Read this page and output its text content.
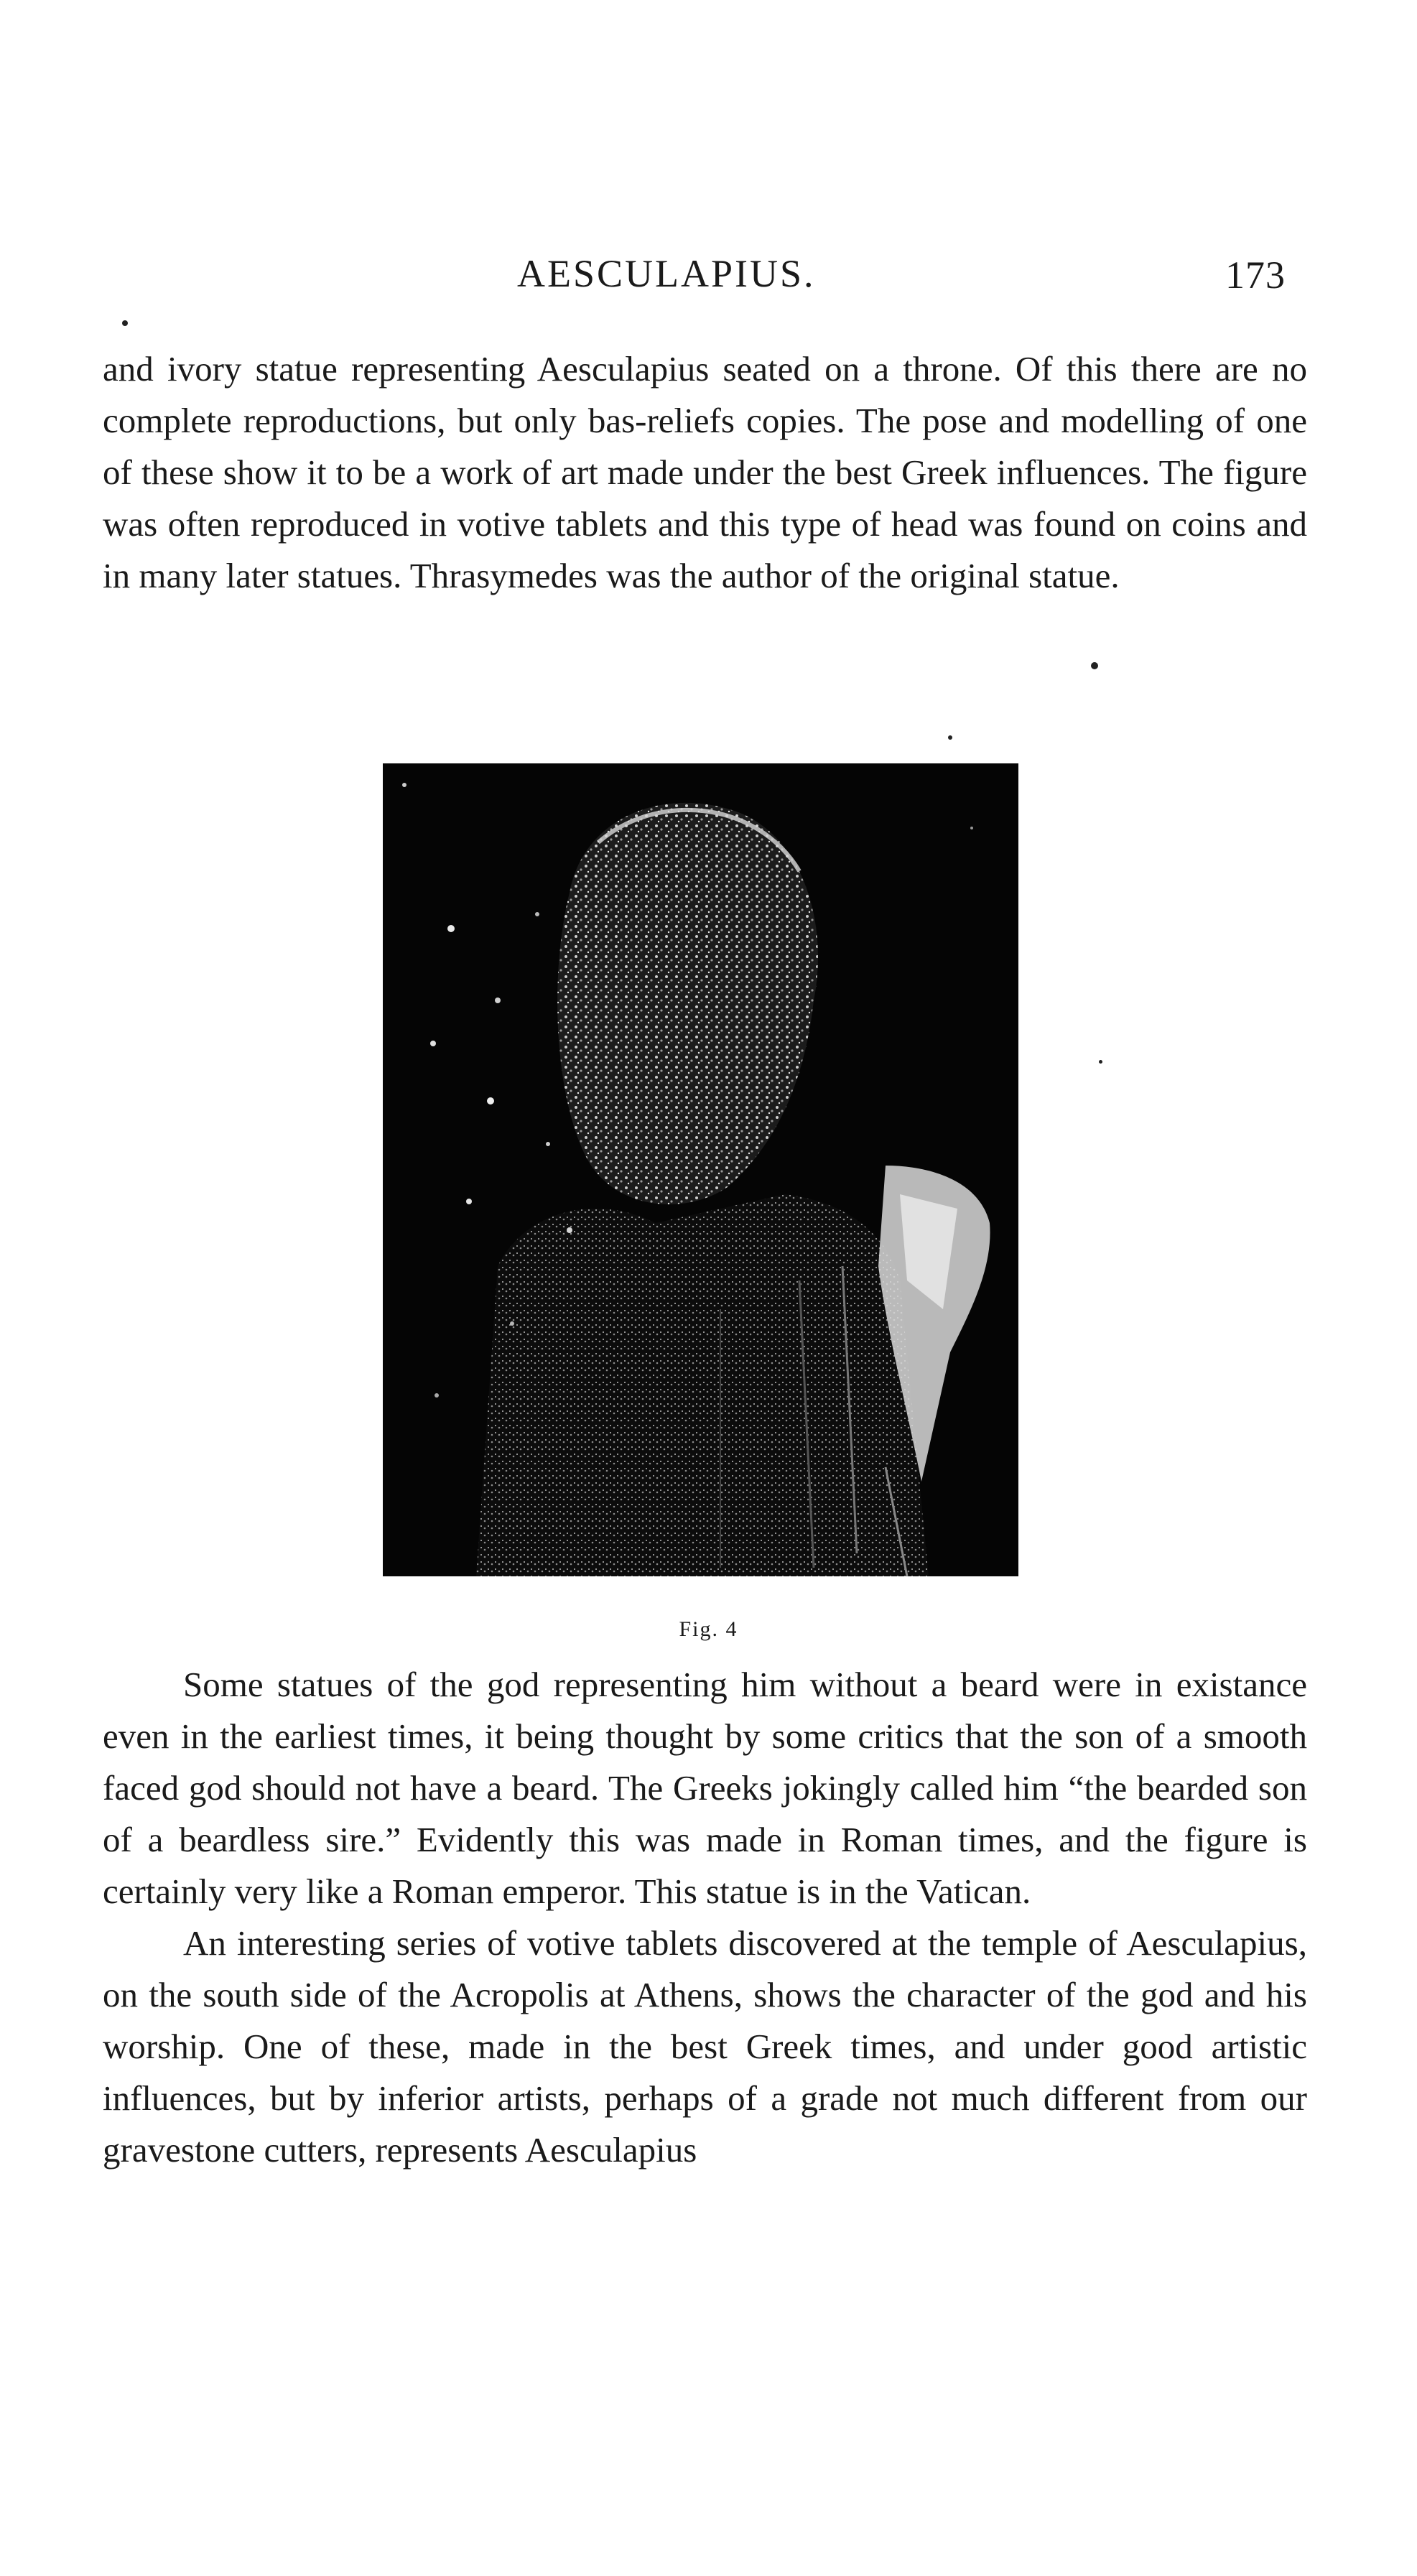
AESCULAPIUS.	173

and ivory statue representing Aesculapius seated on a throne. Of this there are no complete reproductions, but only bas-reliefs copies. The pose and modelling of one of these show it to be a work of art made under the best Greek influences. The figure was often reproduced in votive tablets and this type of head was found on coins and in many later statues. Thrasymedes was the author of the original statue.

Fig. 4

Some statues of the god representing him without a beard were in existance even in the earliest times, it being thought by some critics that the son of a smooth faced god should not have a beard. The Greeks jokingly called him “the bearded son of a beardless sire.” Evidently this was made in Roman times, and the figure is certainly very like a Roman emperor. This statue is in the Vatican.

An interesting series of votive tablets discovered at the temple of Aesculapius, on the south side of the Acropolis at Athens, shows the character of the god and his worship. One of these, made in the best Greek times, and under good artistic influences, but by inferior artists, perhaps of a grade not much different from our gravestone cutters, represents Aesculapius
